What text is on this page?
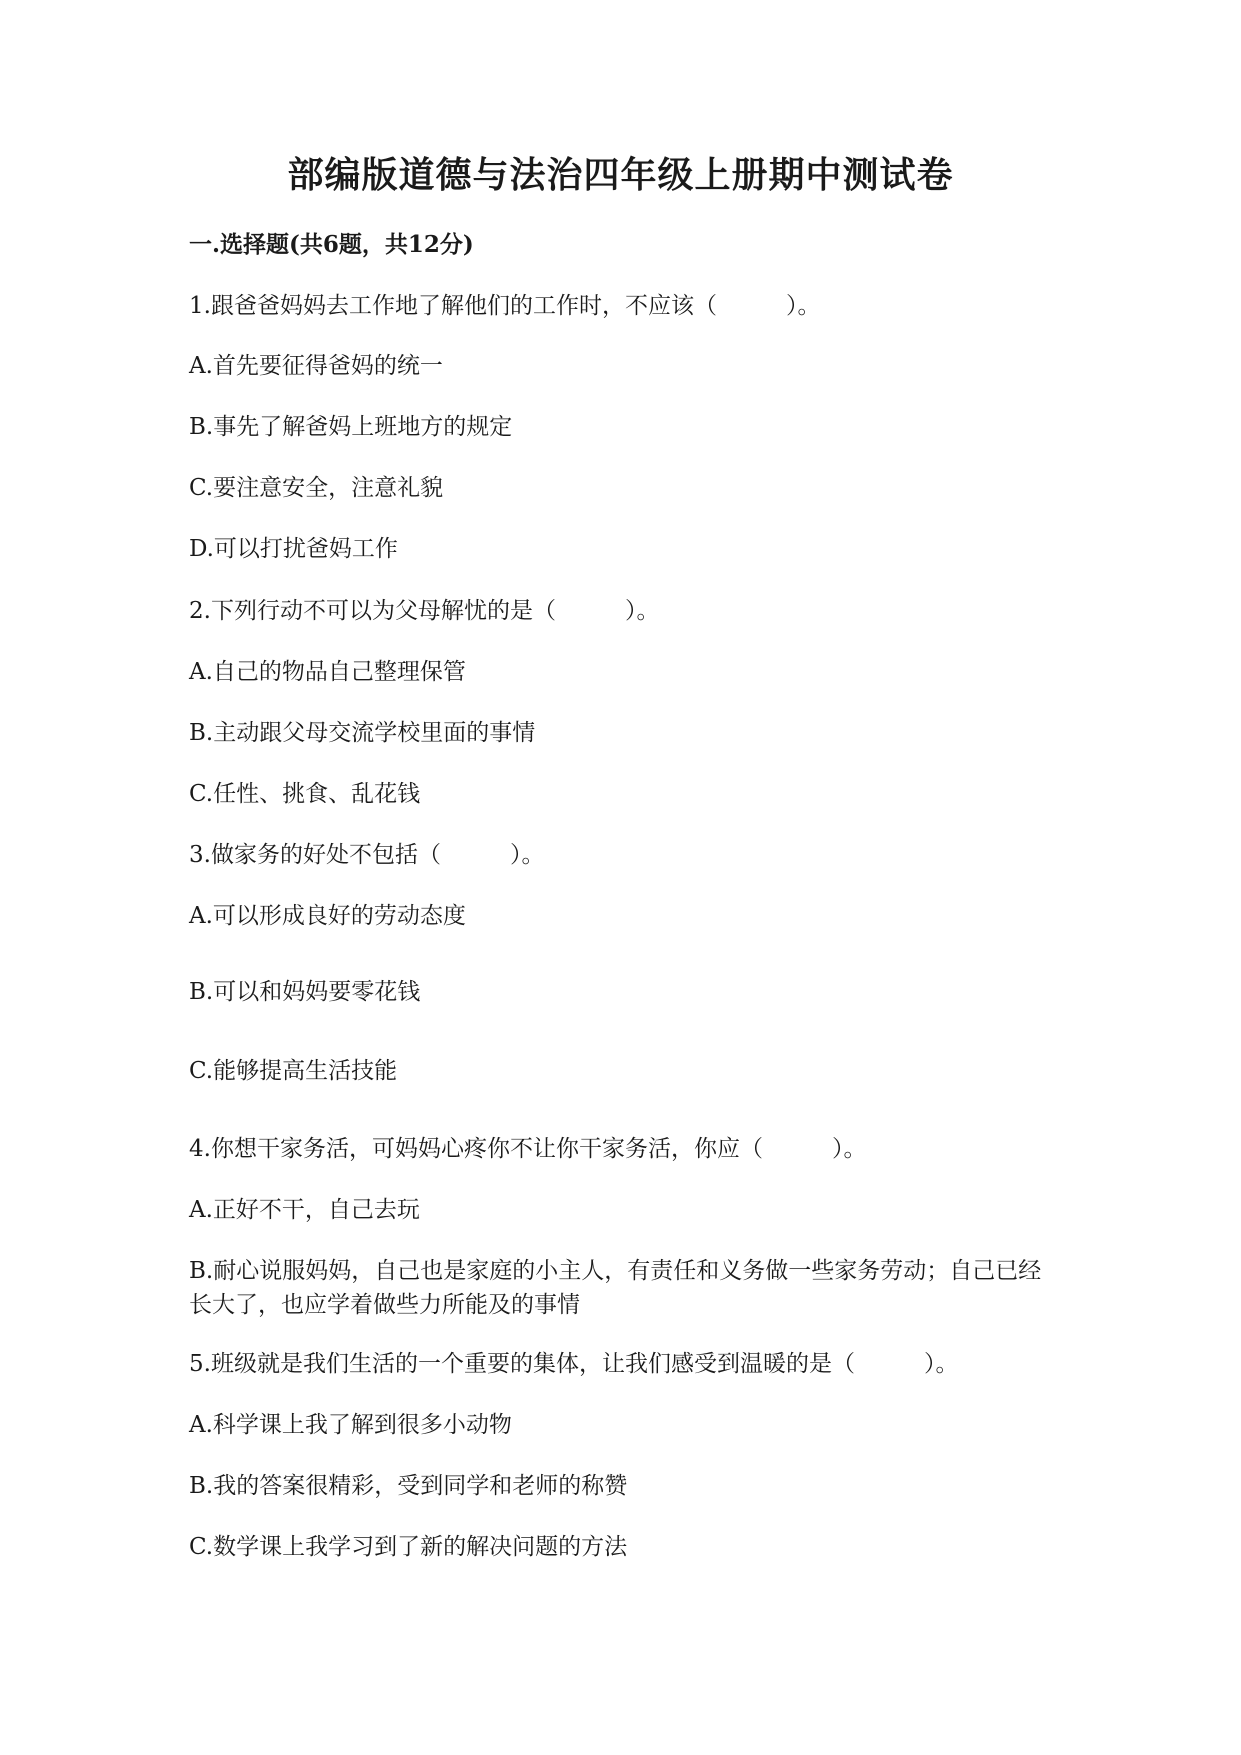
部编版道德与法治四年级上册期中测试卷
一.选择题(共6题，共12分)
1.跟爸爸妈妈去工作地了解他们的工作时，不应该（　　　）。
A.首先要征得爸妈的统一
B.事先了解爸妈上班地方的规定
C.要注意安全，注意礼貌
D.可以打扰爸妈工作
2.下列行动不可以为父母解忧的是（　　　）。
A.自己的物品自己整理保管
B.主动跟父母交流学校里面的事情
C.任性、挑食、乱花钱
3.做家务的好处不包括（　　　）。
A.可以形成良好的劳动态度
B.可以和妈妈要零花钱
C.能够提高生活技能
4.你想干家务活，可妈妈心疼你不让你干家务活，你应（　　　）。
A.正好不干，自己去玩
B.耐心说服妈妈，自己也是家庭的小主人，有责任和义务做一些家务劳动；自己已经长大了，也应学着做些力所能及的事情
5.班级就是我们生活的一个重要的集体，让我们感受到温暖的是（　　　）。
A.科学课上我了解到很多小动物
B.我的答案很精彩，受到同学和老师的称赞
C.数学课上我学习到了新的解决问题的方法
